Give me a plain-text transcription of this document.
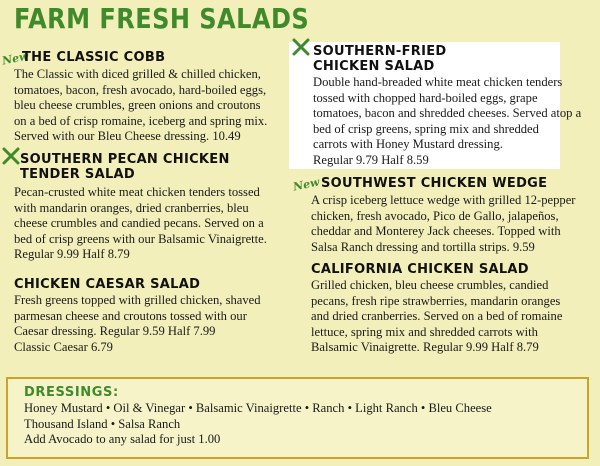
FARM FRESH SALADS
New
THE CLASSIC COBB
The Classic with diced grilled & chilled chicken,
tomatoes, bacon, fresh avocado, hard-boiled eggs,
bleu cheese crumbles, green onions and croutons
on a bed of crisp romaine, iceberg and spring mix.
Served with our Bleu Cheese dressing. 10.49
SOUTHERN PECAN CHICKEN
TENDER SALAD
Pecan-crusted white meat chicken tenders tossed
with mandarin oranges, dried cranberries, bleu
cheese crumbles and candied pecans. Served on a
bed of crisp greens with our Balsamic Vinaigrette.
Regular 9.99 Half 8.79
CHICKEN CAESAR SALAD
Fresh greens topped with grilled chicken, shaved
parmesan cheese and croutons tossed with our
Caesar dressing. Regular 9.59 Half 7.99
Classic Caesar 6.79
SOUTHERN-FRIED
CHICKEN SALAD
Double hand-breaded white meat chicken tenders
tossed with chopped hard-boiled eggs, grape
tomatoes, bacon and shredded cheeses. Served atop a
bed of crisp greens, spring mix and shredded
carrots with Honey Mustard dressing.
Regular 9.79 Half 8.59
New SOUTHWEST CHICKEN WEDGE
A crisp iceberg lettuce wedge with grilled 12-pepper
chicken, fresh avocado, Pico de Gallo, jalapeños,
cheddar and Monterey Jack cheeses. Topped with
Salsa Ranch dressing and tortilla strips. 9.59
CALIFORNIA CHICKEN SALAD
Grilled chicken, bleu cheese crumbles, candied
pecans, fresh ripe strawberries, mandarin oranges
and dried cranberries. Served on a bed of romaine
lettuce, spring mix and shredded carrots with
Balsamic Vinaigrette. Regular 9.99 Half 8.79
DRESSINGS:
Honey Mustard • Oil & Vinegar • Balsamic Vinaigrette • Ranch • Light Ranch • Bleu Cheese
Thousand Island • Salsa Ranch
Add Avocado to any salad for just 1.00
